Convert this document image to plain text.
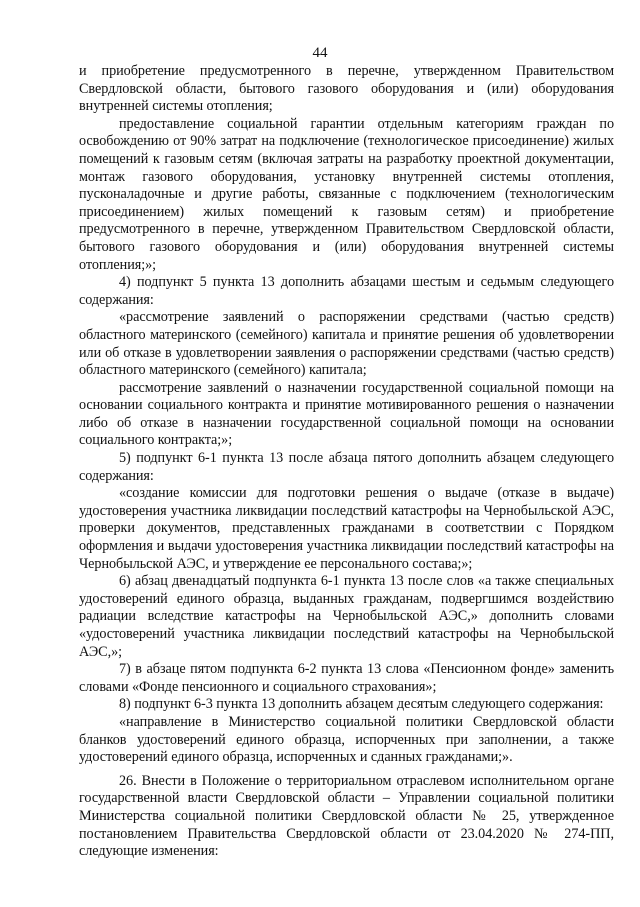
44

и приобретение предусмотренного в перечне, утвержденном Правительством Свердловской области, бытового газового оборудования и (или) оборудования внутренней системы отопления;

предоставление социальной гарантии отдельным категориям граждан по освобождению от 90% затрат на подключение (технологическое присоединение) жилых помещений к газовым сетям (включая затраты на разработку проектной документации, монтаж газового оборудования, установку внутренней системы отопления, пусконаладочные и другие работы, связанные с подключением (технологическим присоединением) жилых помещений к газовым сетям) и приобретение предусмотренного в перечне, утвержденном Правительством Свердловской области, бытового газового оборудования и (или) оборудования внутренней системы отопления;»;

4) подпункт 5 пункта 13 дополнить абзацами шестым и седьмым следующего содержания:

«рассмотрение заявлений о распоряжении средствами (частью средств) областного материнского (семейного) капитала и принятие решения об удовлетворении или об отказе в удовлетворении заявления о распоряжении средствами (частью средств) областного материнского (семейного) капитала;

рассмотрение заявлений о назначении государственной социальной помощи на основании социального контракта и принятие мотивированного решения о назначении либо об отказе в назначении государственной социальной помощи на основании социального контракта;»;

5) подпункт 6-1 пункта 13 после абзаца пятого дополнить абзацем следующего содержания:

«создание комиссии для подготовки решения о выдаче (отказе в выдаче) удостоверения участника ликвидации последствий катастрофы на Чернобыльской АЭС, проверки документов, представленных гражданами в соответствии с Порядком оформления и выдачи удостоверения участника ликвидации последствий катастрофы на Чернобыльской АЭС, и утверждение ее персонального состава;»;

6) абзац двенадцатый подпункта 6-1 пункта 13 после слов «а также специальных удостоверений единого образца, выданных гражданам, подвергшимся воздействию радиации вследствие катастрофы на Чернобыльской АЭС,» дополнить словами «удостоверений участника ликвидации последствий катастрофы на Чернобыльской АЭС,»;

7) в абзаце пятом подпункта 6-2 пункта 13 слова «Пенсионном фонде» заменить словами «Фонде пенсионного и социального страхования»;

8) подпункт 6-3 пункта 13 дополнить абзацем десятым следующего содержания:

«направление в Министерство социальной политики Свердловской области бланков удостоверений единого образца, испорченных при заполнении, а также удостоверений единого образца, испорченных и сданных гражданами;».

26. Внести в Положение о территориальном отраслевом исполнительном органе государственной власти Свердловской области – Управлении социальной политики Министерства социальной политики Свердловской области № 25, утвержденное постановлением Правительства Свердловской области от 23.04.2020 № 274-ПП, следующие изменения:
